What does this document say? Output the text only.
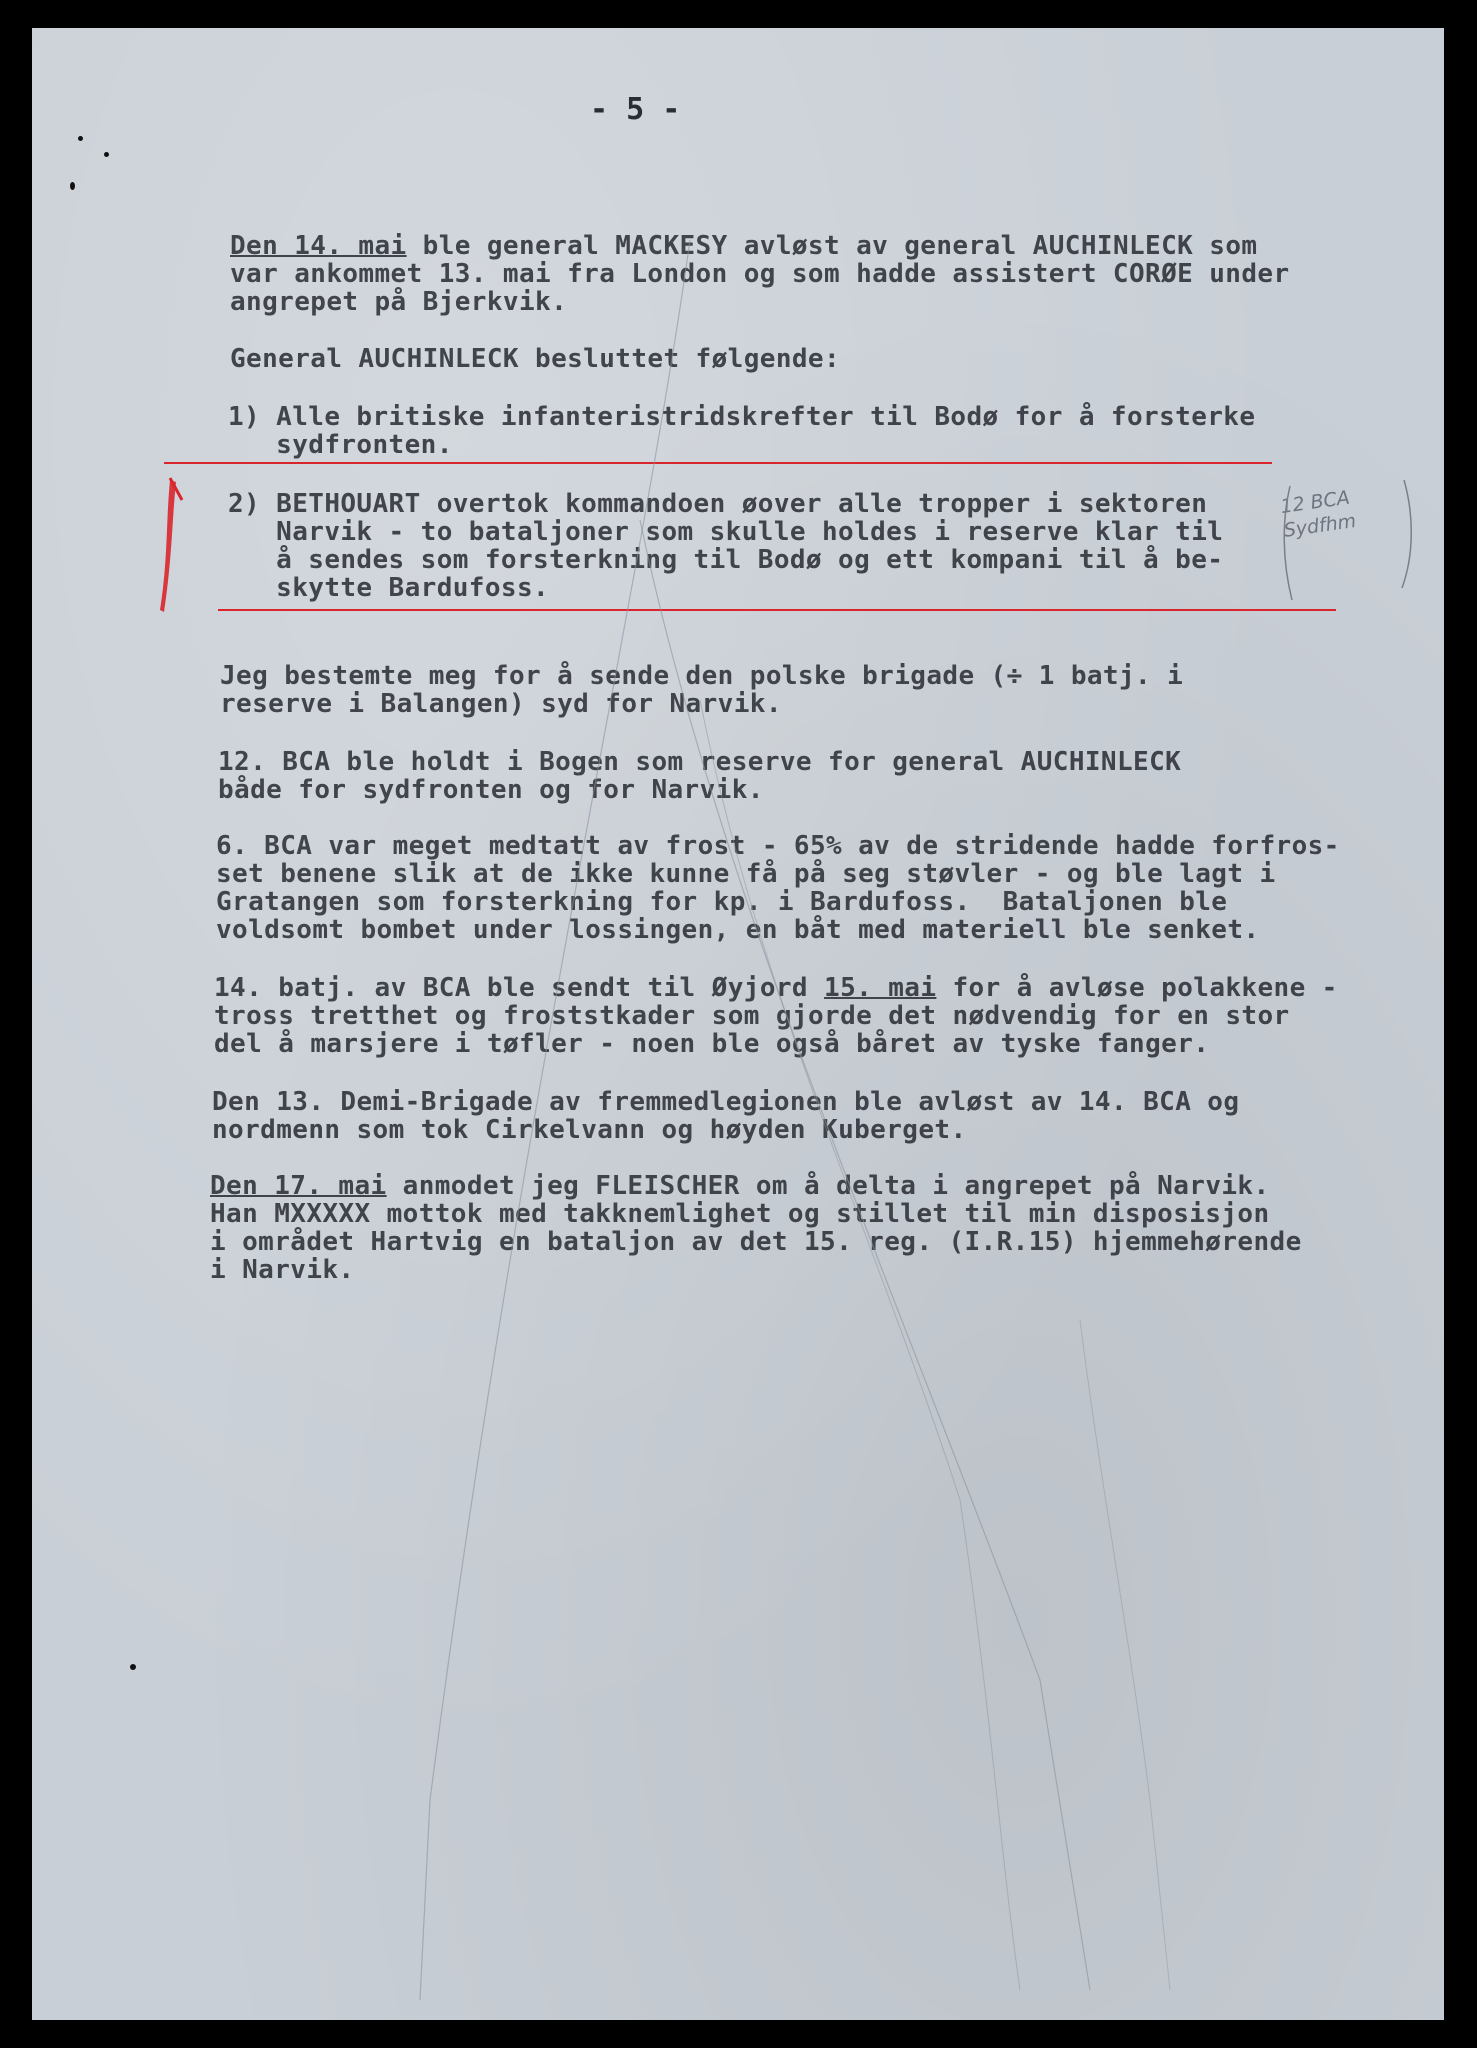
- 5 -
Den 14. mai ble general MACKESY avløst av general AUCHINLECK som
var ankommet 13. mai fra London og som hadde assistert CORØE under
angrepet på Bjerkvik.
General AUCHINLECK besluttet følgende:
1) Alle britiske infanteristridskrefter til Bodø for å forsterke
sydfronten.
2) BETHOUART overtok kommandoen øover alle tropper i sektoren
Narvik - to bataljoner som skulle holdes i reserve klar til
å sendes som forsterkning til Bodø og ett kompani til å be-
skytte Bardufoss.
12 BCA
Sydfhm
Jeg bestemte meg for å sende den polske brigade (÷ 1 batj. i
reserve i Balangen) syd for Narvik.
12. BCA ble holdt i Bogen som reserve for general AUCHINLECK
både for sydfronten og for Narvik.
6. BCA var meget medtatt av frost - 65% av de stridende hadde forfros-
set benene slik at de ikke kunne få på seg støvler - og ble lagt i
Gratangen som forsterkning for kp. i Bardufoss.  Bataljonen ble
voldsomt bombet under lossingen, en båt med materiell ble senket.
14. batj. av BCA ble sendt til Øyjord 15. mai for å avløse polakkene -
tross tretthet og froststkader som gjorde det nødvendig for en stor
del å marsjere i tøfler - noen ble også båret av tyske fanger.
Den 13. Demi-Brigade av fremmedlegionen ble avløst av 14. BCA og
nordmenn som tok Cirkelvann og høyden Kuberget.
Den 17. mai anmodet jeg FLEISCHER om å delta i angrepet på Narvik.
Han MXXXXX mottok med takknemlighet og stillet til min disposisjon
i området Hartvig en bataljon av det 15. reg. (I.R.15) hjemmehørende
i Narvik.
